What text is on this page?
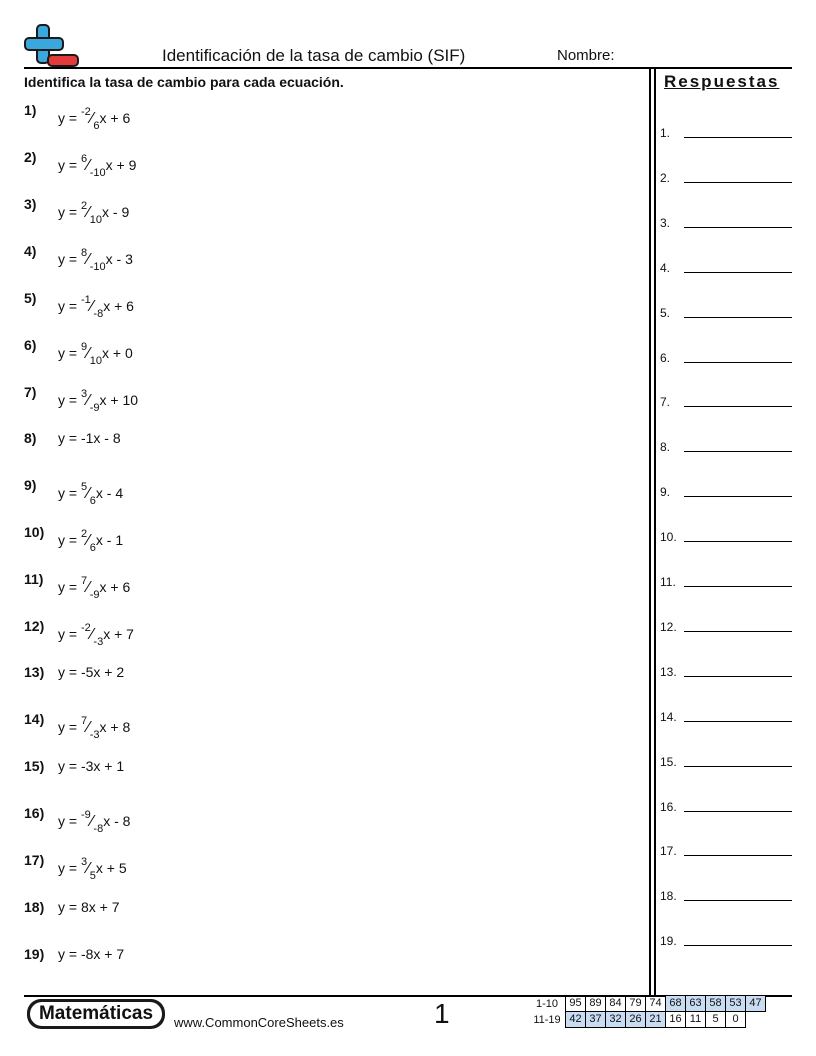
Identificación de la tasa de cambio (SIF)	Nombre:
Identifica la tasa de cambio para cada ecuación.
1) $y = ^{-2}⁄_6x + 6$
2) $y = ^6⁄_{-10}x + 9$
3) $y = ^2⁄_{10}x - 9$
4) $y = ^8⁄_{-10}x - 3$
5) $y = ^{-1}⁄_{-8}x + 6$
6) $y = ^9⁄_{10}x + 0$
7) $y = ^3⁄_{-9}x + 10$
8) y = -1x - 8
9) $y = ^5⁄_6x - 4$
10) $y = ^2⁄_6x - 1$
11) $y = ^7⁄_{-9}x + 6$
12) $y = ^{-2}⁄_{-3}x + 7$
13) y = -5x + 2
14) $y = ^7⁄_{-3}x + 8$
15) y = -3x + 1
16) $y = ^{-9}⁄_{-8}x - 8$
17) $y = ^3⁄_5x + 5$
18) y = 8x + 7
19) y = -8x + 7
Respuestas
1.
2.
3.
4.
5.
6.
7.
8.
9.
10.
11.
12.
13.
14.
15.
16.
17.
18.
19.
Matemáticas	www.CommonCoreSheets.es	1	1-10	95 89 84 79 74 68 63 58 53 47
11-19 42 37 32 26 21 16 11	5	0
